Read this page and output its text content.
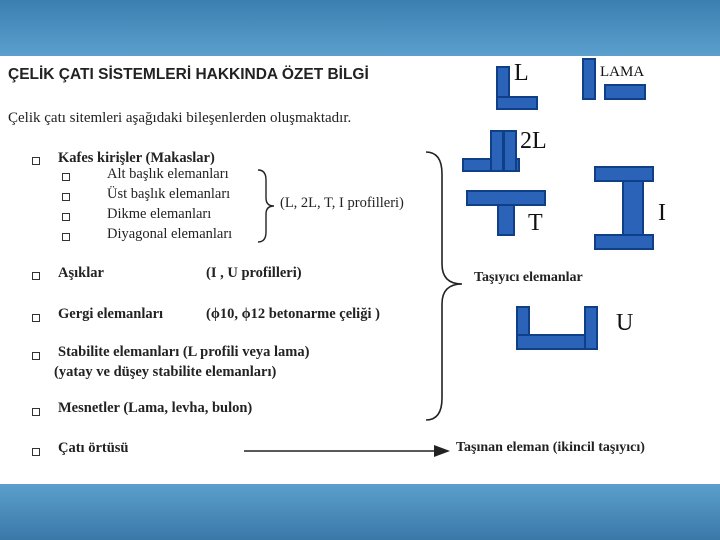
ÇELİK ÇATI SİSTEMLERİ HAKKINDA ÖZET BİLGİ
Çelik çatı sitemleri aşağıdaki bileşenlerden oluşmaktadır.
Kafes kirişler (Makaslar)
Alt başlık elemanları
Üst başlık elemanları
Dikme elemanları
Diyagonal elemanları
(L, 2L, T, I profilleri)
Aşıklar	(I , U profilleri)
Gergi elemanları	(ϕ10, ϕ12 betonarme çeliği )
Stabilite elemanları (L profili veya lama)
(yatay ve düşey stabilite elemanları)
Mesnetler (Lama, levha, bulon)
Çatı örtüsü
Taşıyıcı elemanlar
Taşınan eleman (ikincil taşıyıcı)
L	LAMA
2L
T	I
U
